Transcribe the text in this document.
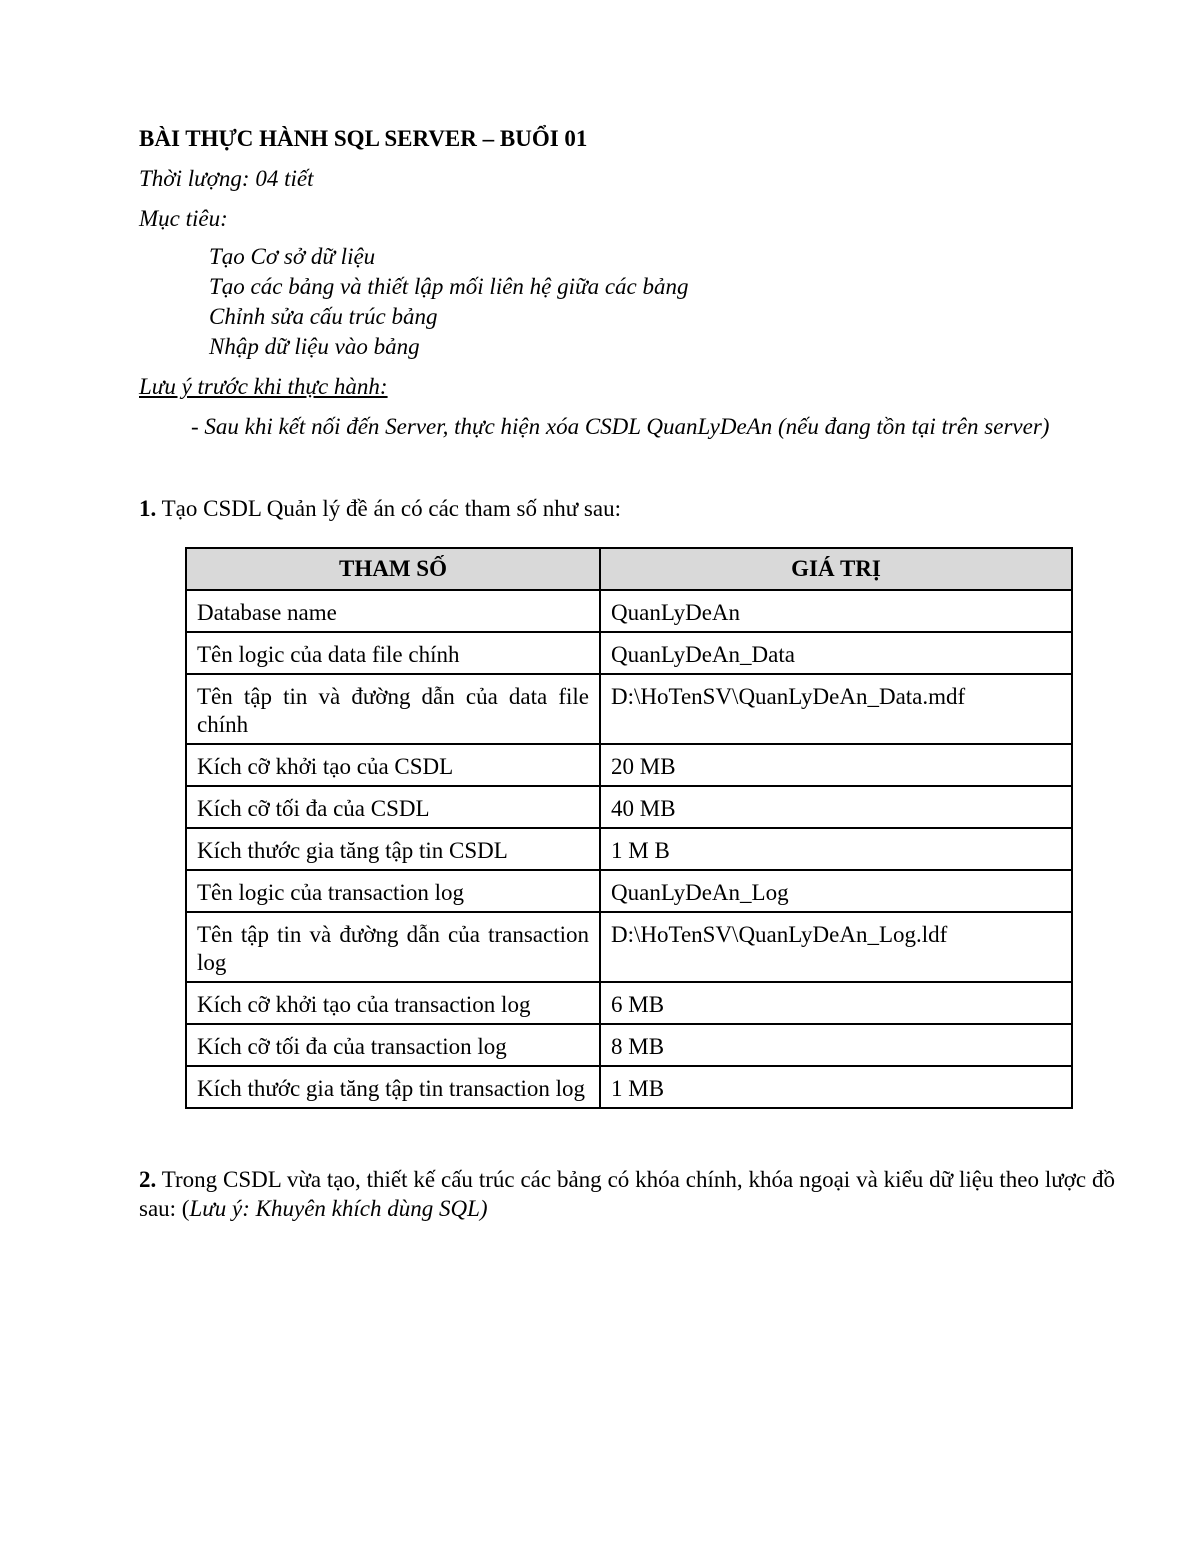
BÀI THỰC HÀNH SQL SERVER – BUỔI 01

Thời lượng: 04 tiết

Mục tiêu:

Tạo Cơ sở dữ liệu
Tạo các bảng và thiết lập mối liên hệ giữa các bảng
Chỉnh sửa cấu trúc bảng
Nhập dữ liệu vào bảng

Lưu ý trước khi thực hành:

- Sau khi kết nối đến Server, thực hiện xóa CSDL QuanLyDeAn (nếu đang tồn tại trên server)

1. Tạo CSDL Quản lý đề án có các tham số như sau:

THAM SỐ	GIÁ TRỊ
Database name	QuanLyDeAn
Tên logic của data file chính	QuanLyDeAn_Data
Tên tập tin và đường dẫn của data file chính	D:\HoTenSV\QuanLyDeAn_Data.mdf
Kích cỡ khởi tạo của CSDL	20 MB
Kích cỡ tối đa của CSDL	40 MB
Kích thước gia tăng tập tin CSDL	1 M B
Tên logic của transaction log	QuanLyDeAn_Log
Tên tập tin và đường dẫn của transaction log	D:\HoTenSV\QuanLyDeAn_Log.ldf
Kích cỡ khởi tạo của transaction log	6 MB
Kích cỡ tối đa của transaction log	8 MB
Kích thước gia tăng tập tin transaction log	1 MB

2. Trong CSDL vừa tạo, thiết kế cấu trúc các bảng có khóa chính, khóa ngoại và kiểu dữ liệu theo lược đồ sau: (Lưu ý: Khuyên khích dùng SQL)
